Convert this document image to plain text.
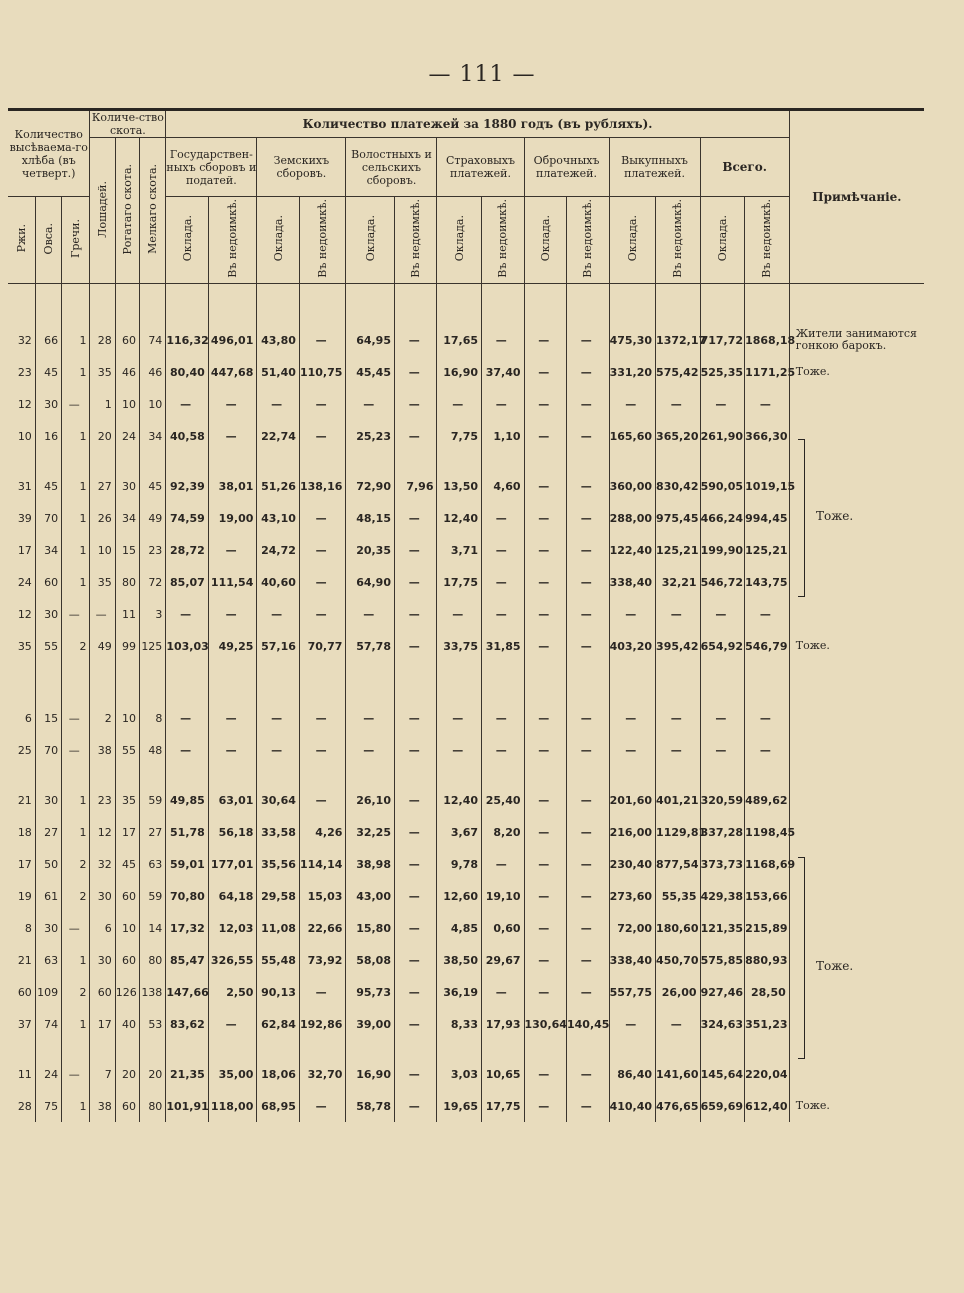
— 111 —
Количество высѣваема-го хлѣба (въ четверт.)			Количе-ство скота.			Количество платежей за 1880 годъ (въ рубляхъ).														Примѣчаніе.
			Лошадей.	Рогатаго скота.	Мелкаго скота.	Государствен-ныхъ сборовъ и податей.		Земскихъ сборовъ.		Волостныхъ и сельскихъ сборовъ.		Страховыхъ платежей.		Оброчныхъ платежей.		Выкупныхъ платежей.		Всего.		
Ржи.	Овса.	Гречи.				Оклада.	Въ недоимкѣ.	Оклада.	Въ недоимкѣ.	Оклада.	Въ недоимкѣ.	Оклада.	Въ недоимкѣ.	Оклада.	Въ недоимкѣ.	Оклада.	Въ недоимкѣ.	Оклада.	Въ недоимкѣ.	

32	66	1	28	60	74	116,32	496,01	43,80	—	64,95	—	17,65	—	—	—	475,30	1372,17	717,72	1868,18	Жители занимаются гонкою барокъ.
23	45	1	35	46	46	80,40	447,68	51,40	110,75	45,45	—	16,90	37,40	—	—	331,20	575,42	525,35	1171,25	Тоже.
12	30	—	1	10	10	—	—	—	—	—	—	—	—	—	—	—	—	—	—	
10	16	1	20	24	34	40,58	—	22,74	—	25,23	—	7,75	1,10	—	—	165,60	365,20	261,90	366,30	

31	45	1	27	30	45	92,39	38,01	51,26	138,16	72,90	7,96	13,50	4,60	—	—	360,00	830,42	590,05	1019,15	
39	70	1	26	34	49	74,59	19,00	43,10	—	48,15	—	12,40	—	—	—	288,00	975,45	466,24	994,45	
17	34	1	10	15	23	28,72	—	24,72	—	20,35	—	3,71	—	—	—	122,40	125,21	199,90	125,21	
24	60	1	35	80	72	85,07	111,54	40,60	—	64,90	—	17,75	—	—	—	338,40	32,21	546,72	143,75	
12	30	—	—	11	3	—	—	—	—	—	—	—	—	—	—	—	—	—	—	
35	55	2	49	99	125	103,03	49,25	57,16	70,77	57,78	—	33,75	31,85	—	—	403,20	395,42	654,92	546,79	Тоже.

6	15	—	2	10	8	—	—	—	—	—	—	—	—	—	—	—	—	—	—	
25	70	—	38	55	48	—	—	—	—	—	—	—	—	—	—	—	—	—	—	

21	30	1	23	35	59	49,85	63,01	30,64	—	26,10	—	12,40	25,40	—	—	201,60	401,21	320,59	489,62	
18	27	1	12	17	27	51,78	56,18	33,58	4,26	32,25	—	3,67	8,20	—	—	216,00	1129,81	337,28	1198,45	
17	50	2	32	45	63	59,01	177,01	35,56	114,14	38,98	—	9,78	—	—	—	230,40	877,54	373,73	1168,69	
19	61	2	30	60	59	70,80	64,18	29,58	15,03	43,00	—	12,60	19,10	—	—	273,60	55,35	429,38	153,66	
8	30	—	6	10	14	17,32	12,03	11,08	22,66	15,80	—	4,85	0,60	—	—	72,00	180,60	121,35	215,89	
21	63	1	30	60	80	85,47	326,55	55,48	73,92	58,08	—	38,50	29,67	—	—	338,40	450,70	575,85	880,93	
60	109	2	60	126	138	147,66	2,50	90,13	—	95,73	—	36,19	—	—	—	557,75	26,00	927,46	28,50	
37	74	1	17	40	53	83,62	—	62,84	192,86	39,00	—	8,33	17,93	130,64	140,45	—	—	324,63	351,23	

11	24	—	7	20	20	21,35	35,00	18,06	32,70	16,90	—	3,03	10,65	—	—	86,40	141,60	145,64	220,04	
28	75	1	38	60	80	101,91	118,00	68,95	—	58,78	—	19,65	17,75	—	—	410,40	476,65	659,69	612,40	Тоже.
Тоже.
Тоже.
